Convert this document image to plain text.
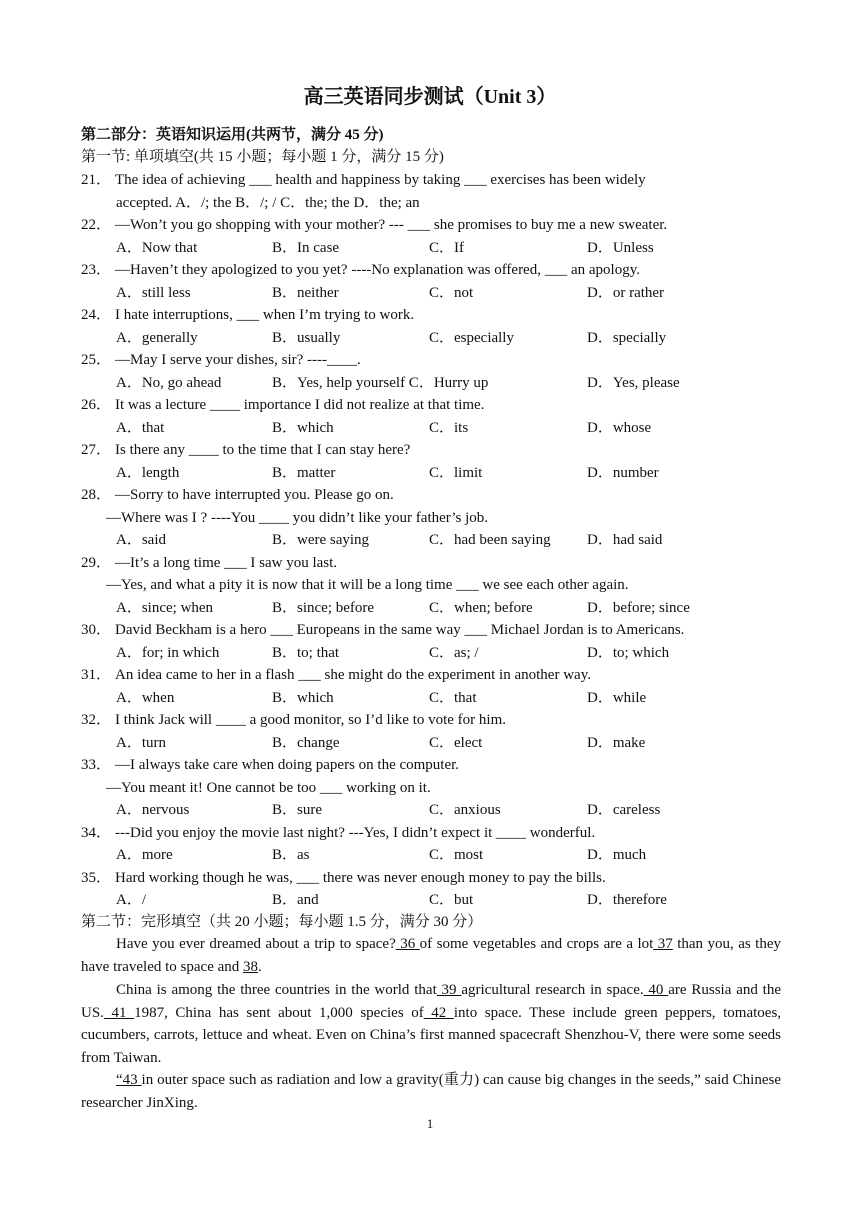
高三英语同步测试（Unit 3）
第二部分：英语知识运用(共两节，满分 45 分)
第一节: 单项填空(共 15 小题；每小题 1 分，满分 15 分)
21． The idea of achieving ___ health and happiness by taking ___ exercises has been widely
accepted. A．/; the B．/; / C．the; the D．the; an
22． —Won’t you go shopping with your mother? --- ___ she promises to buy me a new sweater.
A．Now that	B．In case	C．If	D．Unless
23． —Haven’t they apologized to you yet? ----No explanation was offered, ___ an apology.
A．still less	B．neither	C．not	D．or rather
24． I hate interruptions, ___ when I’m trying to work.
A．generally	B．usually	C．especially	D．specially
25． —May I serve your dishes, sir? ----____.
A．No, go ahead	B．Yes, help yourself C．Hurry up	D．Yes, please
26． It was a lecture ____ importance I did not realize at that time.
A．that	B．which	C．its	D．whose
27． Is there any ____ to the time that I can stay here?
A．length	B．matter	C．limit	D．number
28． —Sorry to have interrupted you. Please go on.
—Where was I ? ----You ____ you didn’t like your father’s job.
A．said	B．were saying	C．had been saying D．had said
29． —It’s a long time ___ I saw you last.
—Yes, and what a pity it is now that it will be a long time ___ we see each other again.
A．since; when	B．since; before	C．when; before	D．before; since
30． David Beckham is a hero ___ Europeans in the same way ___ Michael Jordan is to Americans.
A．for; in which	B．to; that	C．as; /	D．to; which
31． An idea came to her in a flash ___ she might do the experiment in another way.
A．when	B．which	C．that	D．while
32． I think Jack will ____ a good monitor, so I’d like to vote for him.
A．turn	B．change	C．elect	D．make
33． —I always take care when doing papers on the computer.
—You meant it! One cannot be too ___ working on it.
A．nervous	B．sure	C．anxious	D．careless
34． ---Did you enjoy the movie last night? ---Yes, I didn’t expect it ____ wonderful.
A．more	B．as	C．most	D．much
35． Hard working though he was, ___ there was never enough money to pay the bills.
A．/	B．and	C．but	D．therefore
第二节：完形填空（共 20 小题；每小题 1.5 分，满分 30 分）
Have you ever dreamed about a trip to space? 36 of some vegetables and crops are a lot 37 than you, as they have traveled to space and 38.
China is among the three countries in the world that 39 agricultural research in space. 40 are Russia and the US. 41 1987, China has sent about 1,000 species of 42 into space. These include green peppers, tomatoes, cucumbers, carrots, lettuce and wheat. Even on China’s first manned spacecraft Shenzhou-V, there were some seeds from Taiwan.
“43 in outer space such as radiation and low a gravity(重力) can cause big changes in the seeds,” said Chinese researcher JinXing.
1
